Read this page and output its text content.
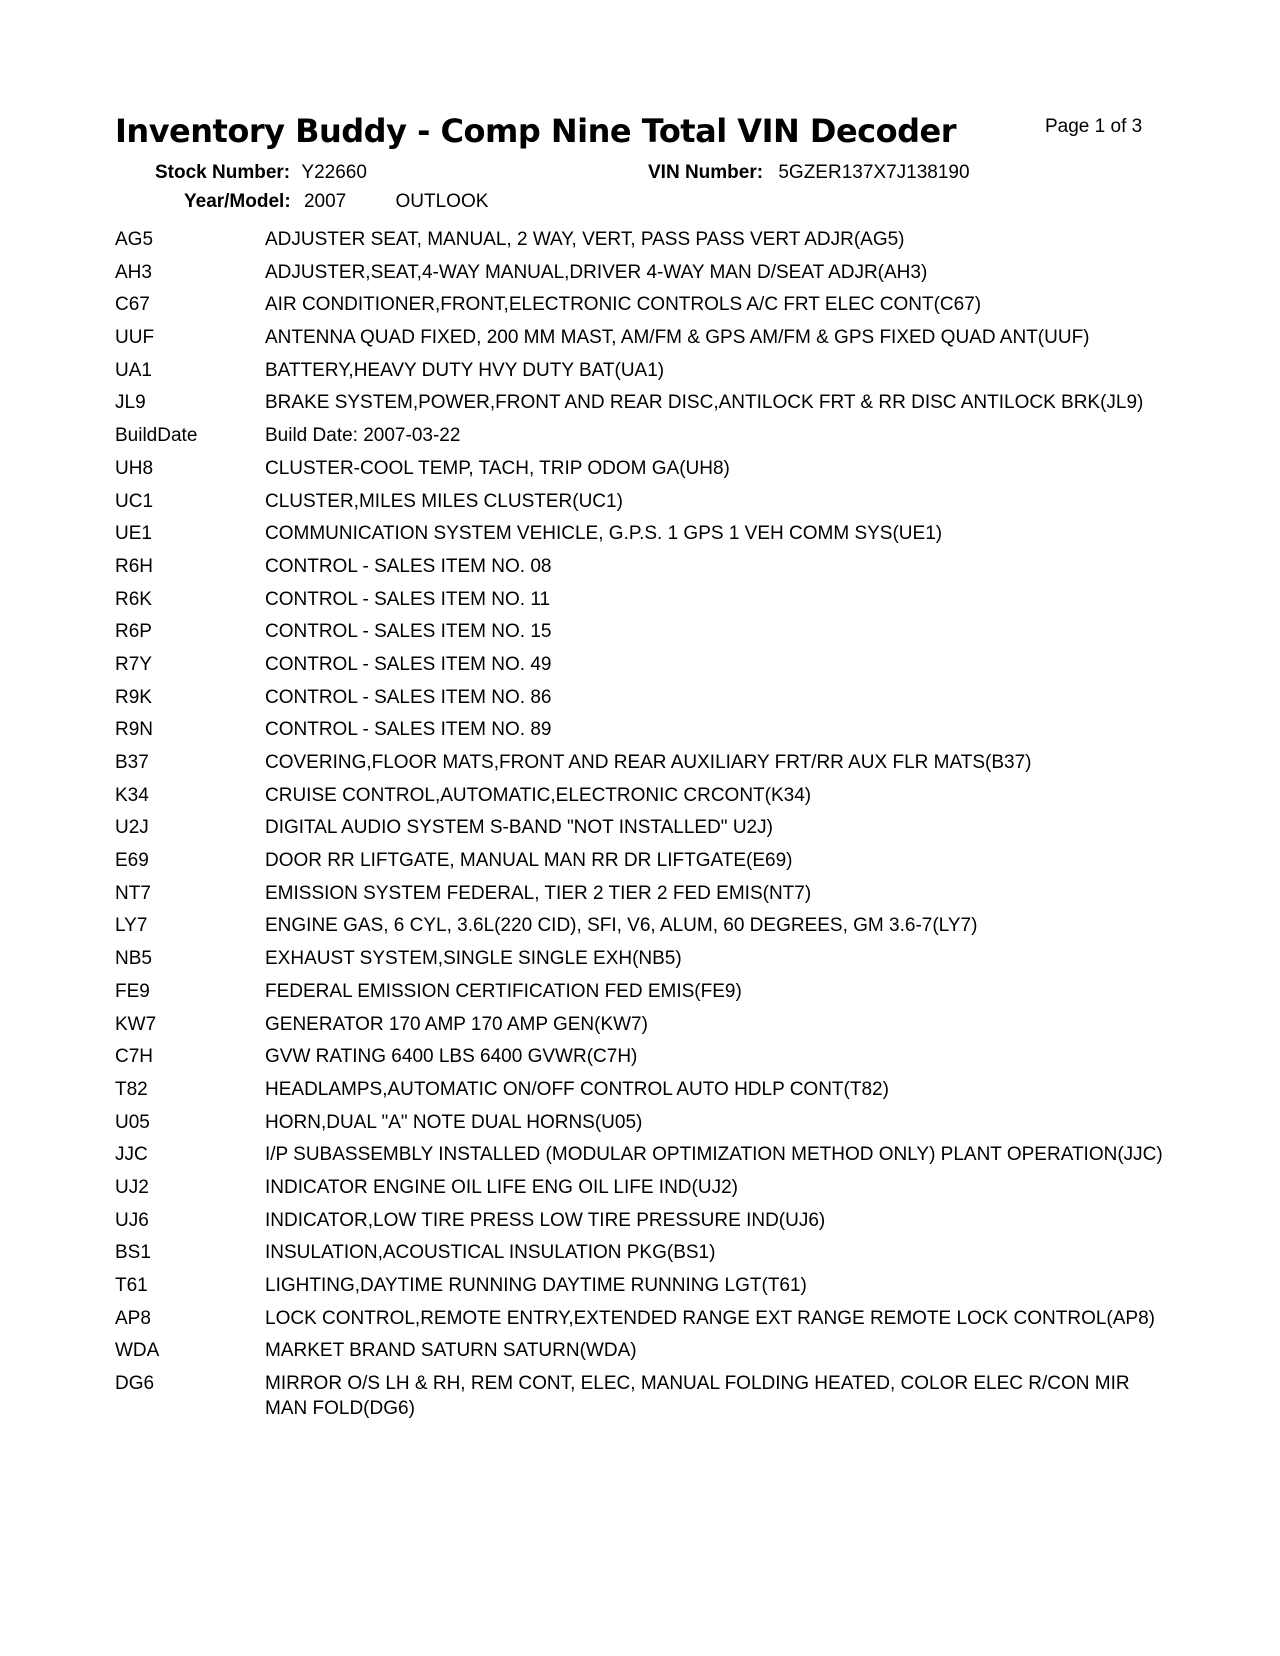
Inventory Buddy - Comp Nine Total VIN Decoder	Page 1 of 3
Stock Number: Y22660	VIN Number: 5GZER137X7J138190
Year/Model: 2007	OUTLOOK
AG5	ADJUSTER SEAT, MANUAL, 2 WAY, VERT, PASS PASS VERT ADJR(AG5)
AH3	ADJUSTER,SEAT,4-WAY MANUAL,DRIVER 4-WAY MAN D/SEAT ADJR(AH3)
C67	AIR CONDITIONER,FRONT,ELECTRONIC CONTROLS A/C FRT ELEC CONT(C67)
UUF	ANTENNA QUAD FIXED, 200 MM MAST, AM/FM & GPS AM/FM & GPS FIXED QUAD ANT(UUF)
UA1	BATTERY,HEAVY DUTY HVY DUTY BAT(UA1)
JL9	BRAKE SYSTEM,POWER,FRONT AND REAR DISC,ANTILOCK FRT & RR DISC ANTILOCK BRK(JL9)
BuildDate	Build Date: 2007-03-22
UH8	CLUSTER-COOL TEMP, TACH, TRIP ODOM GA(UH8)
UC1	CLUSTER,MILES MILES CLUSTER(UC1)
UE1	COMMUNICATION SYSTEM VEHICLE, G.P.S. 1 GPS 1 VEH COMM SYS(UE1)
R6H	CONTROL - SALES ITEM NO. 08
R6K	CONTROL - SALES ITEM NO. 11
R6P	CONTROL - SALES ITEM NO. 15
R7Y	CONTROL - SALES ITEM NO. 49
R9K	CONTROL - SALES ITEM NO. 86
R9N	CONTROL - SALES ITEM NO. 89
B37	COVERING,FLOOR MATS,FRONT AND REAR AUXILIARY FRT/RR AUX FLR MATS(B37)
K34	CRUISE CONTROL,AUTOMATIC,ELECTRONIC CRCONT(K34)
U2J	DIGITAL AUDIO SYSTEM S-BAND "NOT INSTALLED" U2J)
E69	DOOR RR LIFTGATE, MANUAL MAN RR DR LIFTGATE(E69)
NT7	EMISSION SYSTEM FEDERAL, TIER 2 TIER 2 FED EMIS(NT7)
LY7	ENGINE GAS, 6 CYL, 3.6L(220 CID), SFI, V6, ALUM, 60 DEGREES, GM 3.6-7(LY7)
NB5	EXHAUST SYSTEM,SINGLE SINGLE EXH(NB5)
FE9	FEDERAL EMISSION CERTIFICATION FED EMIS(FE9)
KW7	GENERATOR 170 AMP 170 AMP GEN(KW7)
C7H	GVW RATING 6400 LBS 6400 GVWR(C7H)
T82	HEADLAMPS,AUTOMATIC ON/OFF CONTROL AUTO HDLP CONT(T82)
U05	HORN,DUAL "A" NOTE DUAL HORNS(U05)
JJC	I/P SUBASSEMBLY INSTALLED (MODULAR OPTIMIZATION METHOD ONLY) PLANT OPERATION(JJC)
UJ2	INDICATOR ENGINE OIL LIFE ENG OIL LIFE IND(UJ2)
UJ6	INDICATOR,LOW TIRE PRESS LOW TIRE PRESSURE IND(UJ6)
BS1	INSULATION,ACOUSTICAL INSULATION PKG(BS1)
T61	LIGHTING,DAYTIME RUNNING DAYTIME RUNNING LGT(T61)
AP8	LOCK CONTROL,REMOTE ENTRY,EXTENDED RANGE EXT RANGE REMOTE LOCK CONTROL(AP8)
WDA	MARKET BRAND SATURN SATURN(WDA)
DG6	MIRROR O/S LH & RH, REM CONT, ELEC, MANUAL FOLDING HEATED, COLOR ELEC R/CON MIR MAN FOLD(DG6)
